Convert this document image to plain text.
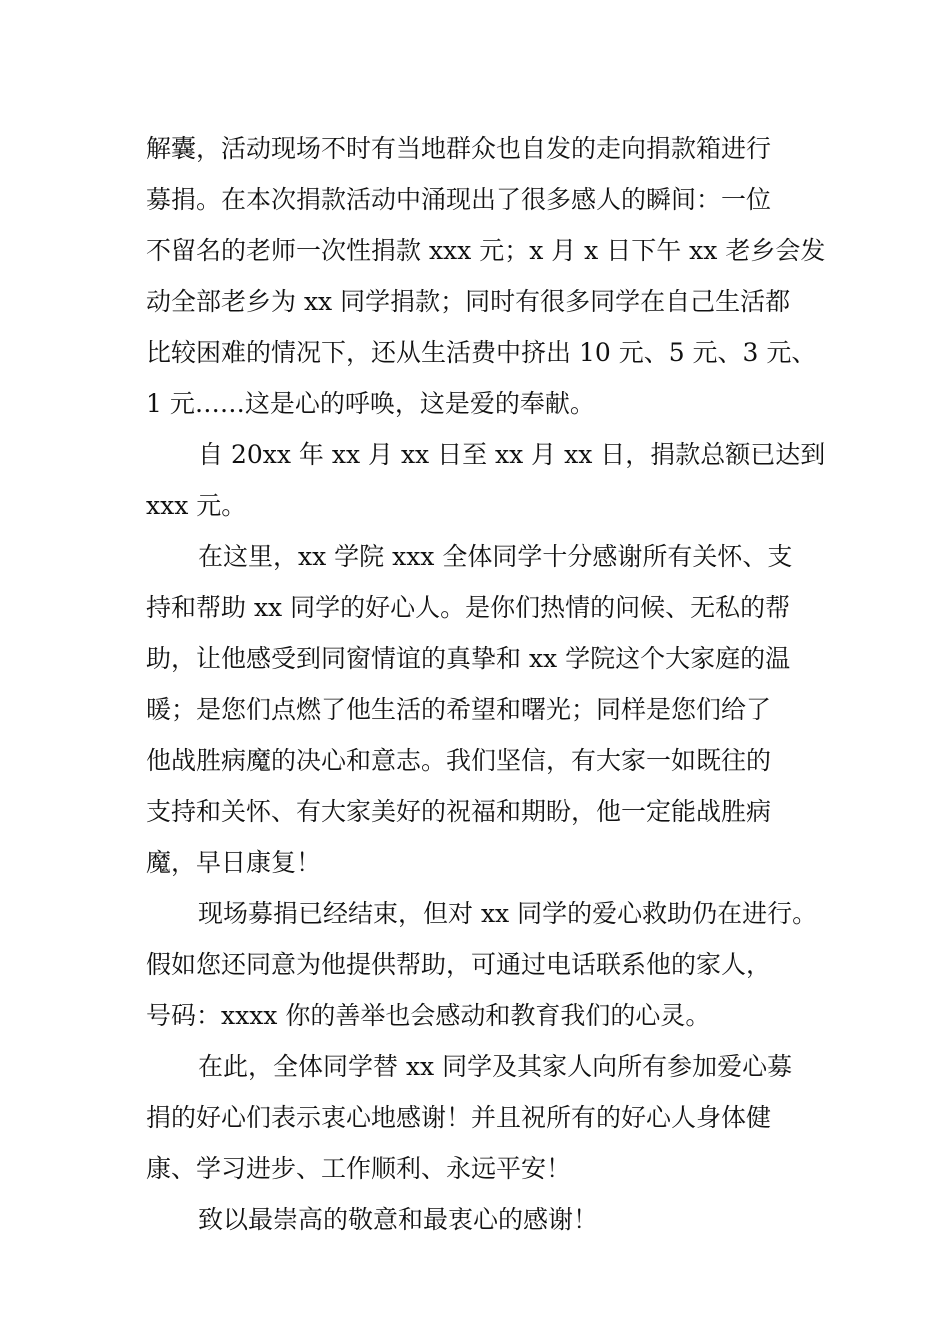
解囊，活动现场不时有当地群众也自发的走向捐款箱进行
募捐。在本次捐款活动中涌现出了很多感人的瞬间：一位
不留名的老师一次性捐款 xxx 元；x 月 x 日下午 xx 老乡会发
动全部老乡为 xx 同学捐款；同时有很多同学在自己生活都
比较困难的情况下，还从生活费中挤出 10 元、5 元、3 元、
1 元……这是心的呼唤，这是爱的奉献。
自 20xx 年 xx 月 xx 日至 xx 月 xx 日，捐款总额已达到
xxx 元。
在这里，xx 学院 xxx 全体同学十分感谢所有关怀、支
持和帮助 xx 同学的好心人。是你们热情的问候、无私的帮
助，让他感受到同窗情谊的真挚和 xx 学院这个大家庭的温
暖；是您们点燃了他生活的希望和曙光；同样是您们给了
他战胜病魔的决心和意志。我们坚信，有大家一如既往的
支持和关怀、有大家美好的祝福和期盼，他一定能战胜病
魔，早日康复！
现场募捐已经结束，但对 xx 同学的爱心救助仍在进行。
假如您还同意为他提供帮助，可通过电话联系他的家人，
号码：xxxx 你的善举也会感动和教育我们的心灵。
在此，全体同学替 xx 同学及其家人向所有参加爱心募
捐的好心们表示衷心地感谢！并且祝所有的好心人身体健
康、学习进步、工作顺利、永远平安！
致以最崇高的敬意和最衷心的感谢！
